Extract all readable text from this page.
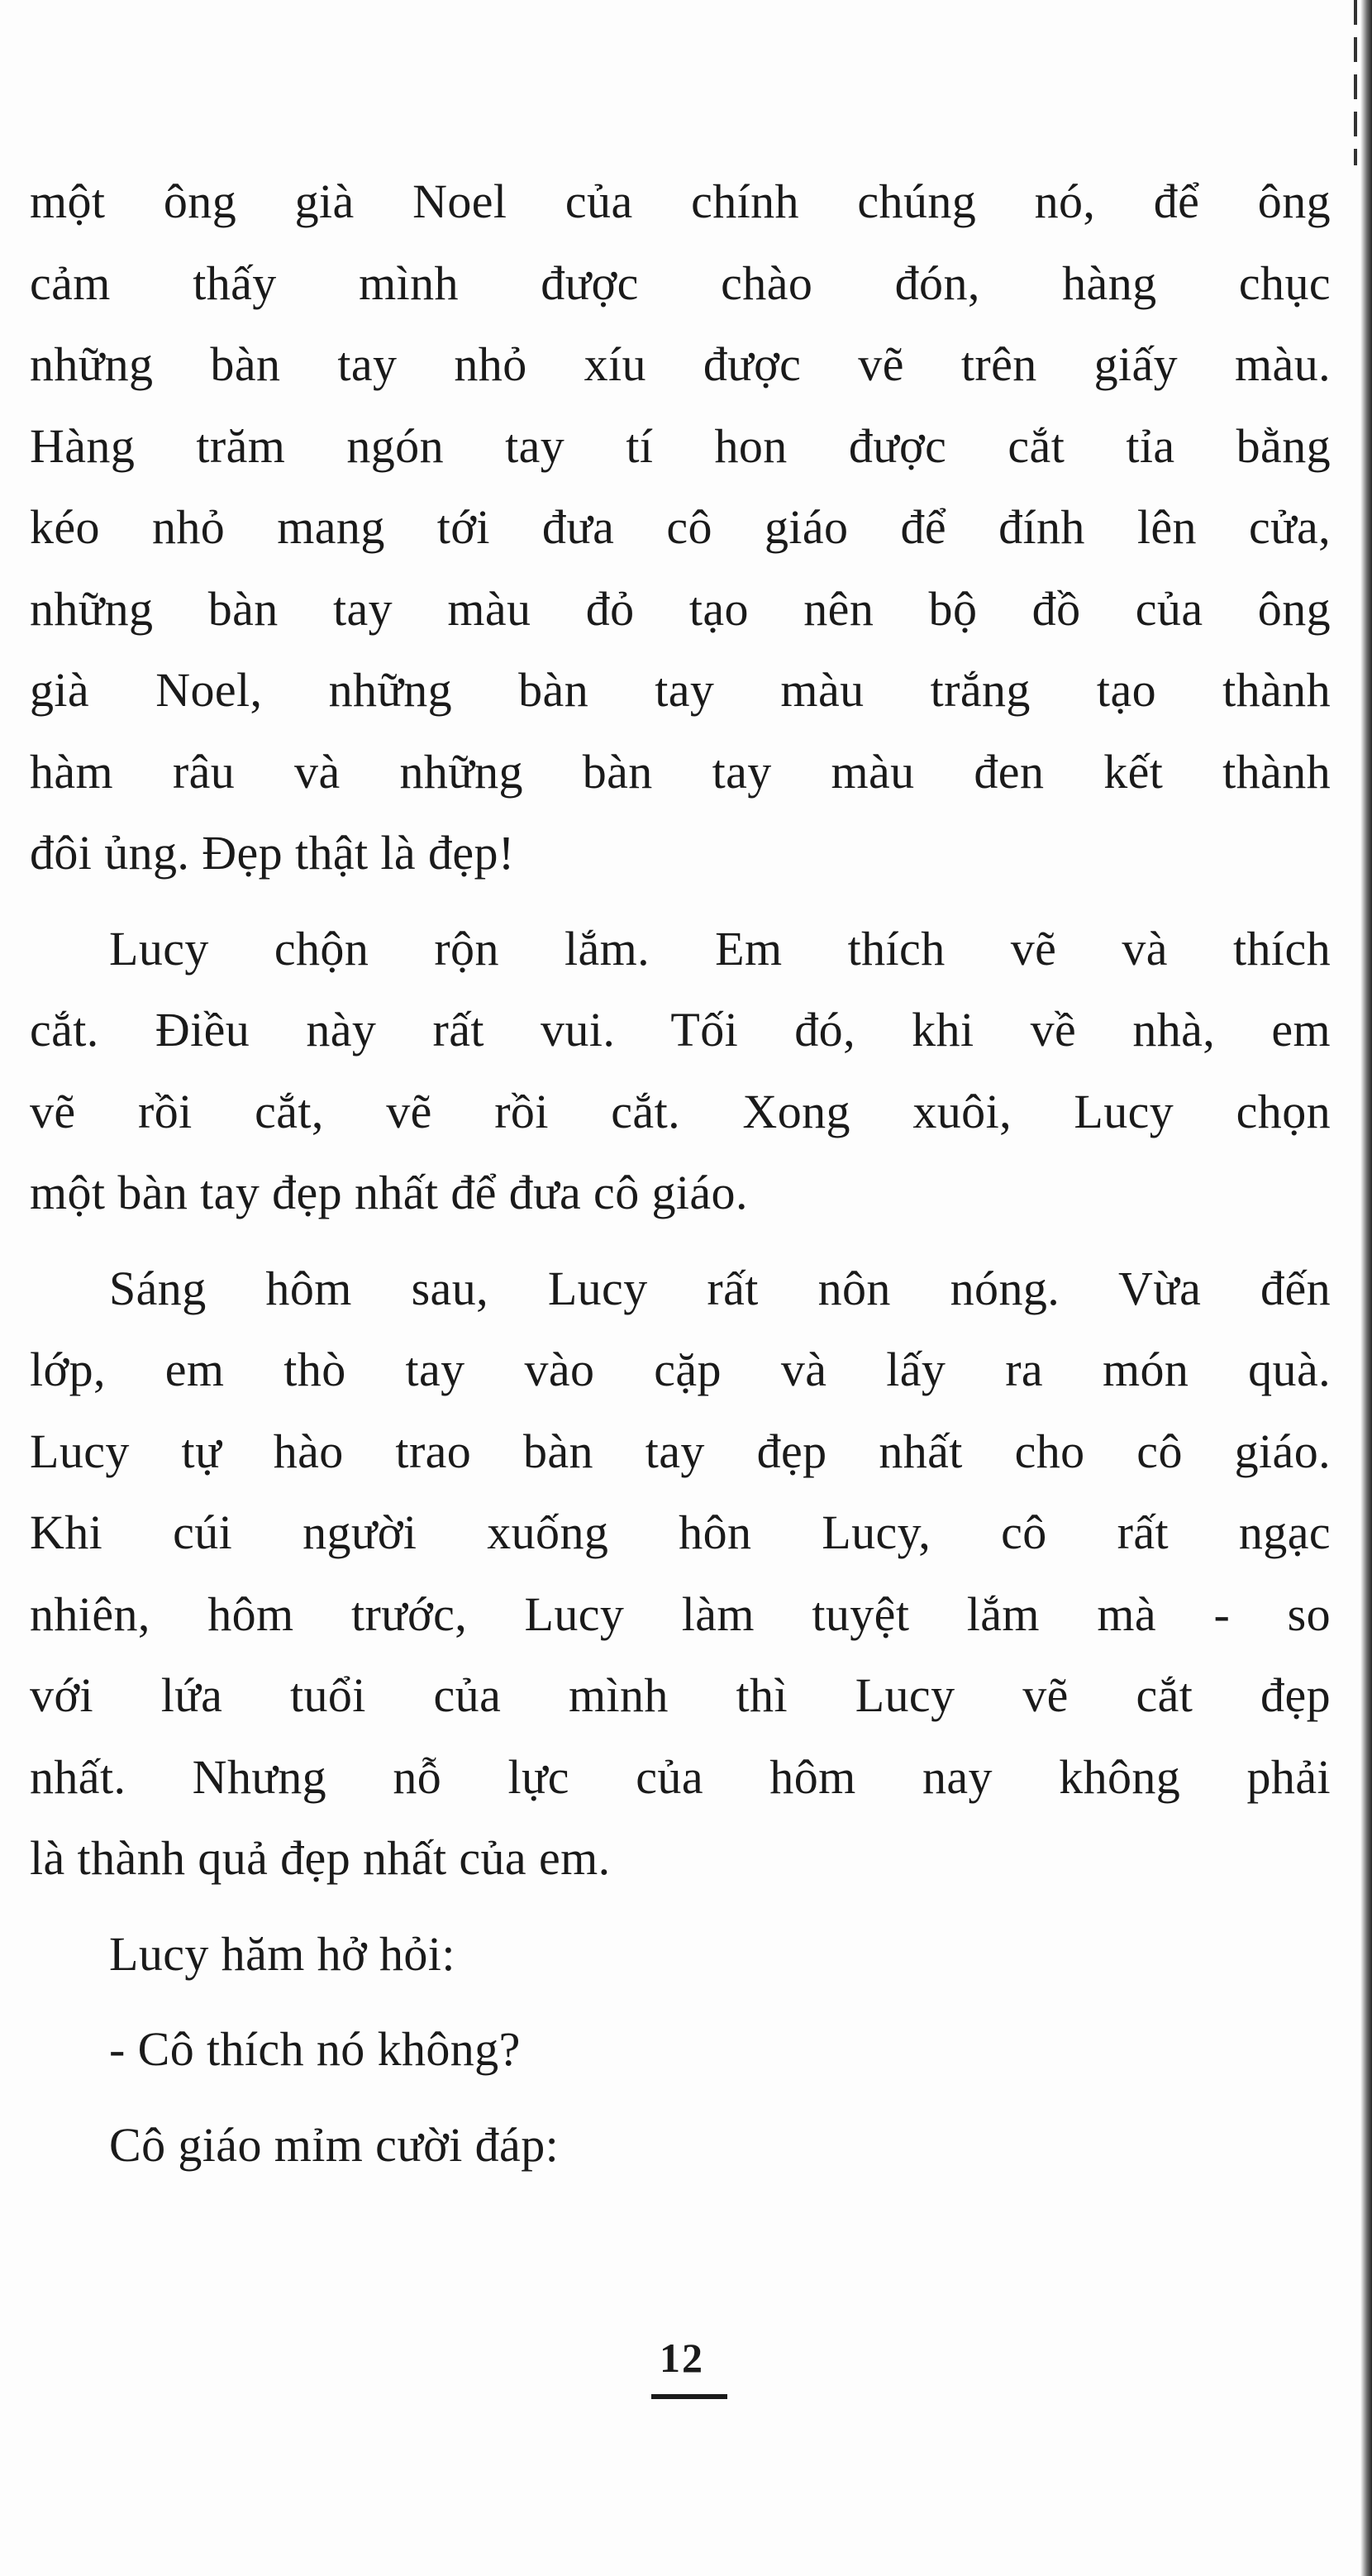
một ông già Noel của chính chúng nó, để ông
cảm thấy mình được chào đón, hàng chục
những bàn tay nhỏ xíu được vẽ trên giấy màu.
Hàng trăm ngón tay tí hon được cắt tỉa bằng
kéo nhỏ mang tới đưa cô giáo để đính lên cửa,
những bàn tay màu đỏ tạo nên bộ đồ của ông
già Noel, những bàn tay màu trắng tạo thành
hàm râu và những bàn tay màu đen kết thành
đôi ủng. Đẹp thật là đẹp!
Lucy chộn rộn lắm. Em thích vẽ và thích
cắt. Điều này rất vui. Tối đó, khi về nhà, em
vẽ rồi cắt, vẽ rồi cắt. Xong xuôi, Lucy chọn
một bàn tay đẹp nhất để đưa cô giáo.
Sáng hôm sau, Lucy rất nôn nóng. Vừa đến
lớp, em thò tay vào cặp và lấy ra món quà.
Lucy tự hào trao bàn tay đẹp nhất cho cô giáo.
Khi cúi người xuống hôn Lucy, cô rất ngạc
nhiên, hôm trước, Lucy làm tuyệt lắm mà - so
với lứa tuổi của mình thì Lucy vẽ cắt đẹp
nhất. Nhưng nỗ lực của hôm nay không phải
là thành quả đẹp nhất của em.
Lucy hăm hở hỏi:
- Cô thích nó không?
Cô giáo mỉm cười đáp:
12
